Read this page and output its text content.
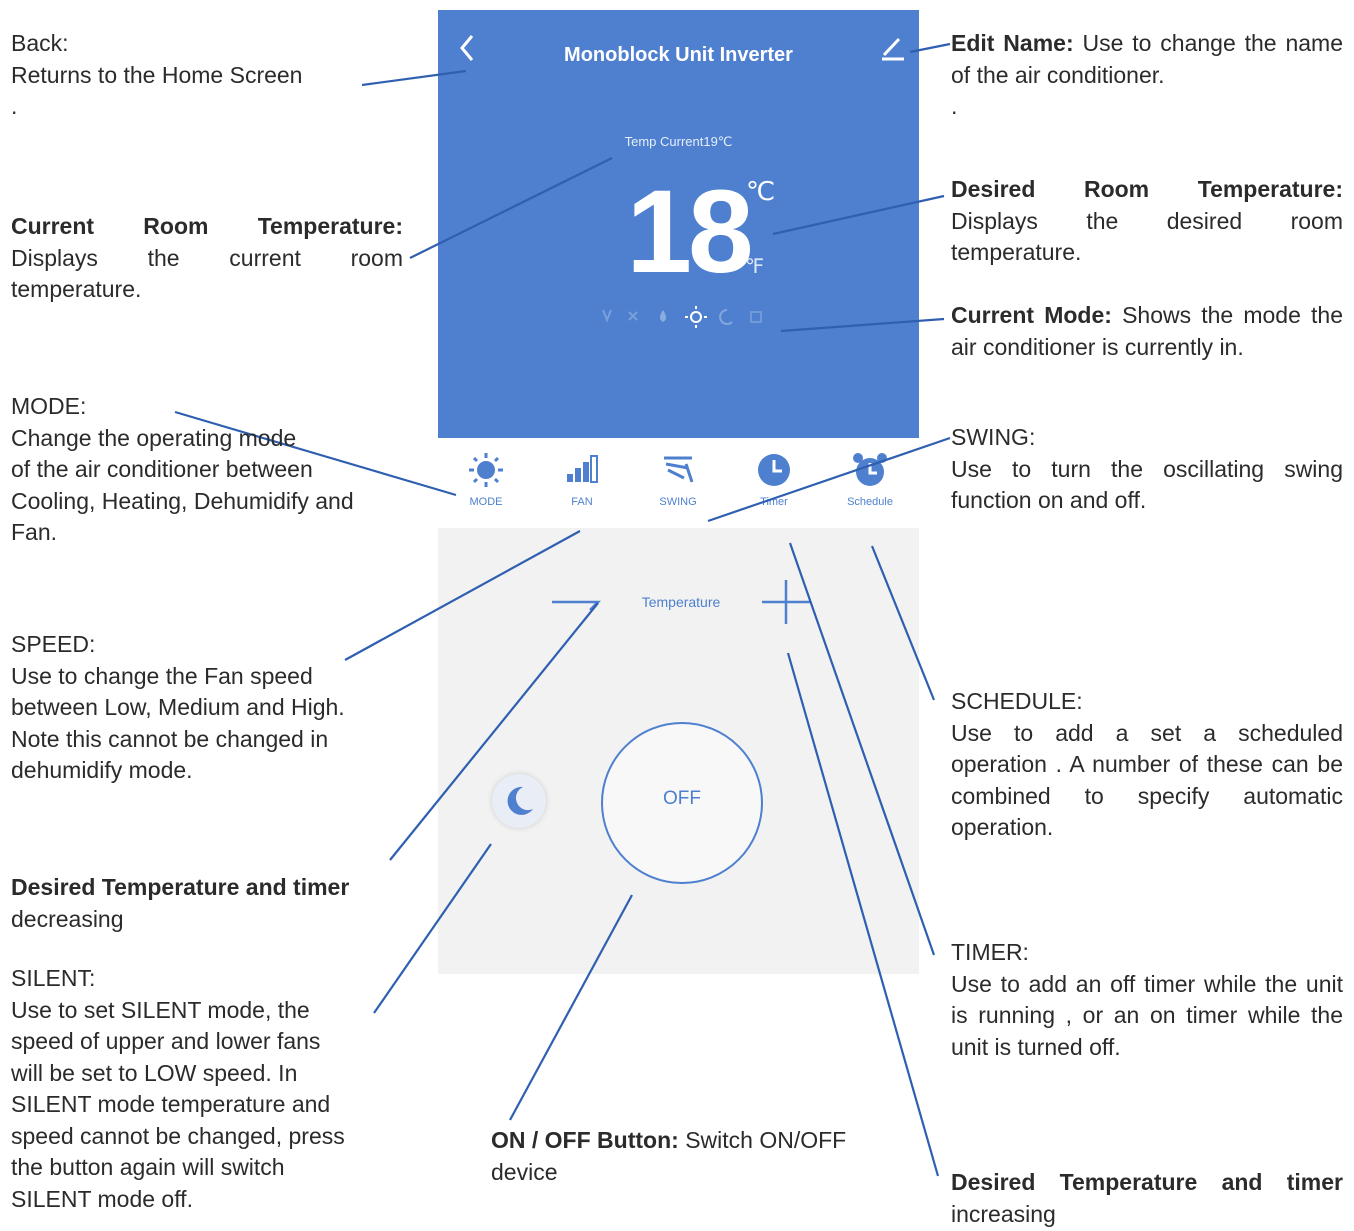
Monoblock Unit Inverter
Temp Current19℃
18
℃
℉
MODE	FAN	SWING	Timer	Schedule
Temperature
OFF
Back:
Returns to the Home Screen
.
Current Room Temperature:
Displays the current room temperature.
MODE:
Change the operating mode
of the air conditioner between
Cooling, Heating, Dehumidify and
Fan.
SPEED:
Use to change the Fan speed
between Low, Medium and High.
Note this cannot be changed in
dehumidify mode.
Desired Temperature and timer
decreasing
SILENT:
Use to set SILENT mode, the
speed of upper and lower fans
will be set to LOW speed. In
SILENT mode temperature and
speed cannot be changed, press
the button again will switch
SILENT mode off.
ON / OFF Button: Switch ON/OFF
device
Edit Name: Use to change the name of the air conditioner.
.
Desired Room Temperature:
Displays the desired room temperature.
Current Mode: Shows the mode the air conditioner is currently in.
SWING:
Use to turn the oscillating swing function on and off.
SCHEDULE:
Use to add a set a scheduled operation . A number of these can be combined to specify automatic operation.
TIMER:
Use to add an off timer while the unit is running , or an on timer while the unit is turned off.
Desired Temperature and timer
increasing
